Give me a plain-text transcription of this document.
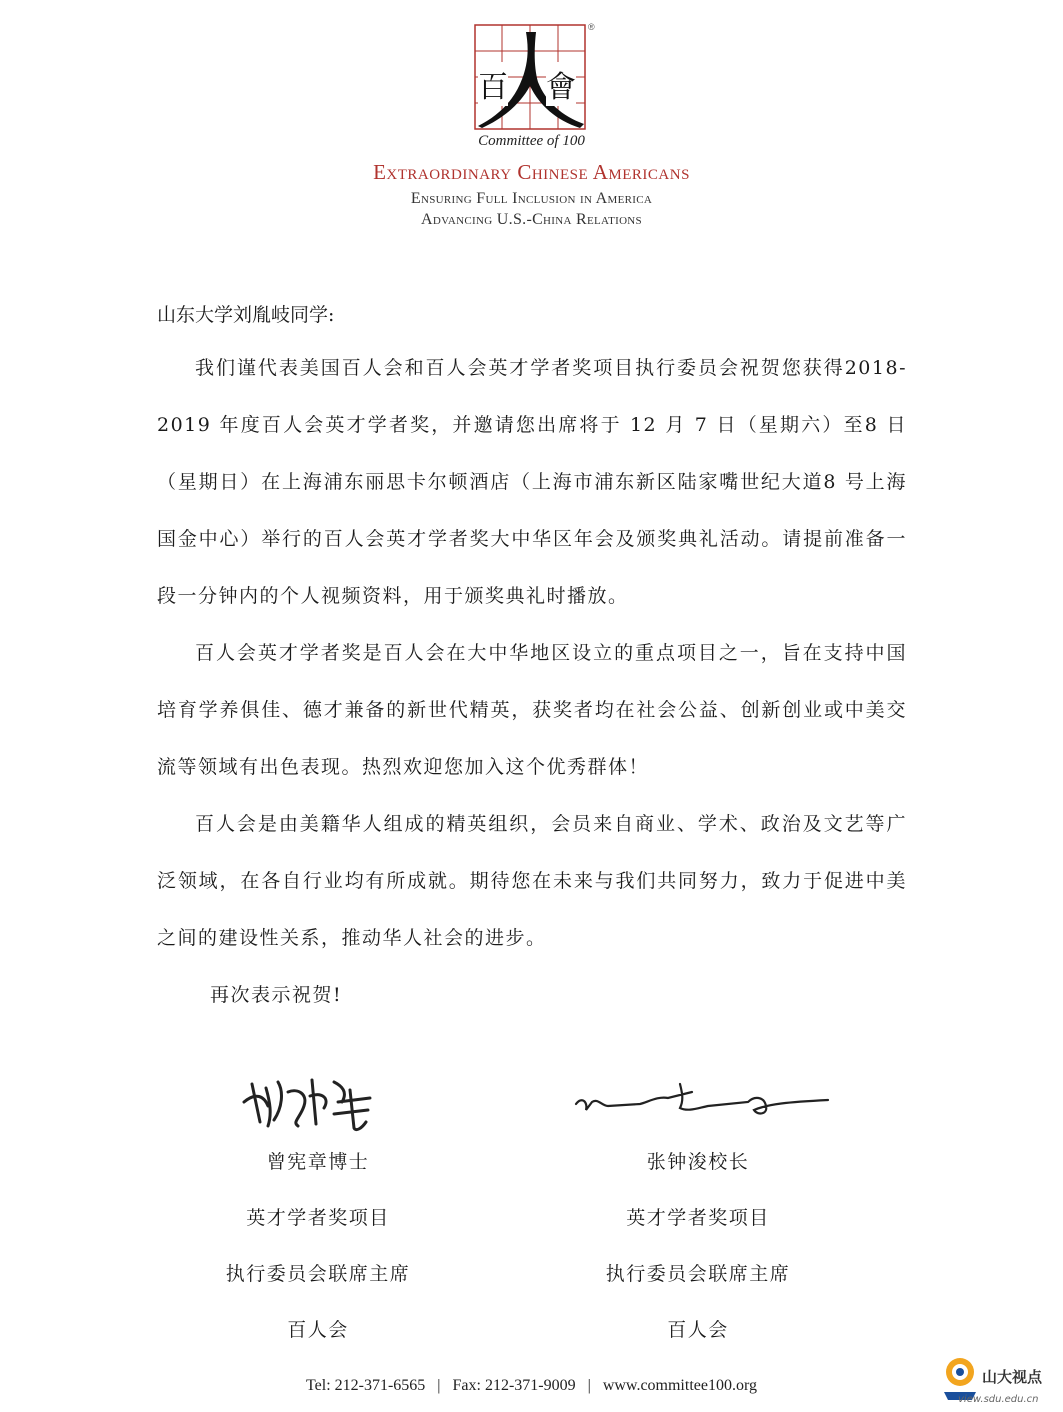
百 會
®
Committee of 100
Extraordinary Chinese Americans
Ensuring Full Inclusion in America
Advancing U.S.-China Relations
山东大学刘胤岐同学:

我们谨代表美国百人会和百人会英才学者奖项目执行委员会祝贺您获得2018-2019 年度百人会英才学者奖，并邀请您出席将于 12 月 7 日（星期六）至8 日（星期日）在上海浦东丽思卡尔顿酒店（上海市浦东新区陆家嘴世纪大道8 号上海国金中心）举行的百人会英才学者奖大中华区年会及颁奖典礼活动。请提前准备一段一分钟内的个人视频资料，用于颁奖典礼时播放。

百人会英才学者奖是百人会在大中华地区设立的重点项目之一，旨在支持中国培育学养俱佳、德才兼备的新世代精英，获奖者均在社会公益、创新创业或中美交流等领域有出色表现。热烈欢迎您加入这个优秀群体！

百人会是由美籍华人组成的精英组织，会员来自商业、学术、政治及文艺等广泛领域，在各自行业均有所成就。期待您在未来与我们共同努力，致力于促进中美之间的建设性关系，推动华人社会的进步。

再次表示祝贺!
曾宪章博士
英才学者奖项目
执行委员会联席主席
百人会
张钟浚校长
英才学者奖项目
执行委员会联席主席
百人会
Tel: 212-371-6565 | Fax: 212-371-9009 | www.committee100.org	山大视点
view.sdu.edu.cn
